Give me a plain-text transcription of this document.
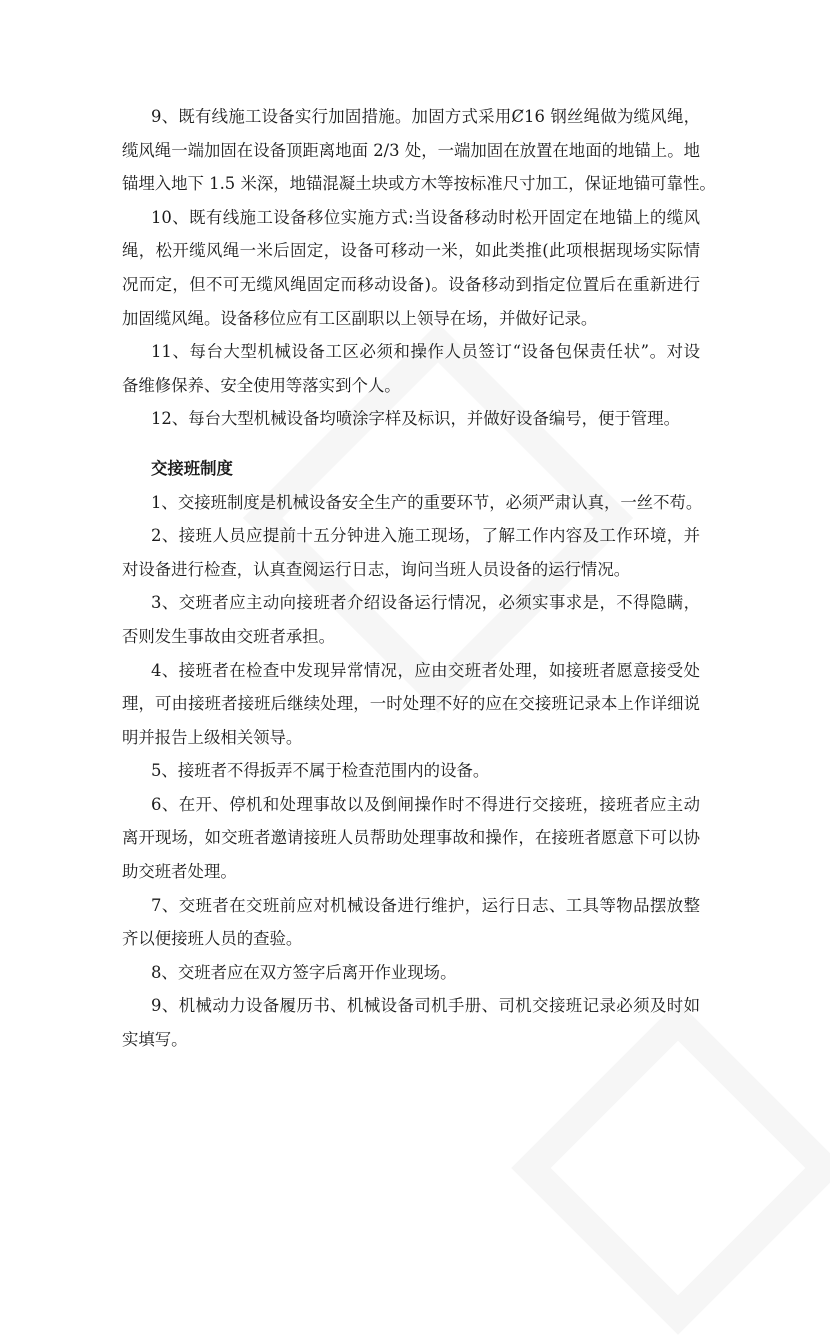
9、既有线施工设备实行加固措施。加固方式采用Ȼ16 钢丝绳做为缆风绳，
缆风绳一端加固在设备顶距离地面 2/3 处，一端加固在放置在地面的地锚上。地
锚埋入地下 1.5 米深，地锚混凝土块或方木等按标准尺寸加工，保证地锚可靠性。
10、既有线施工设备移位实施方式:当设备移动时松开固定在地锚上的缆风
绳，松开缆风绳一米后固定，设备可移动一米，如此类推(此项根据现场实际情
况而定，但不可无缆风绳固定而移动设备)。设备移动到指定位置后在重新进行
加固缆风绳。设备移位应有工区副职以上领导在场，并做好记录。
11、每台大型机械设备工区必须和操作人员签订“设备包保责任状”。对设
备维修保养、安全使用等落实到个人。
12、每台大型机械设备均喷涂字样及标识，并做好设备编号，便于管理。
交接班制度
1、交接班制度是机械设备安全生产的重要环节，必须严肃认真，一丝不苟。
2、接班人员应提前十五分钟进入施工现场，了解工作内容及工作环境，并
对设备进行检查，认真查阅运行日志，询问当班人员设备的运行情况。
3、交班者应主动向接班者介绍设备运行情况，必须实事求是，不得隐瞒，
否则发生事故由交班者承担。
4、接班者在检查中发现异常情况，应由交班者处理，如接班者愿意接受处
理，可由接班者接班后继续处理，一时处理不好的应在交接班记录本上作详细说
明并报告上级相关领导。
5、接班者不得扳弄不属于检查范围内的设备。
6、在开、停机和处理事故以及倒闸操作时不得进行交接班，接班者应主动
离开现场，如交班者邀请接班人员帮助处理事故和操作，在接班者愿意下可以协
助交班者处理。
7、交班者在交班前应对机械设备进行维护，运行日志、工具等物品摆放整
齐以便接班人员的查验。
8、交班者应在双方签字后离开作业现场。
9、机械动力设备履历书、机械设备司机手册、司机交接班记录必须及时如
实填写。
